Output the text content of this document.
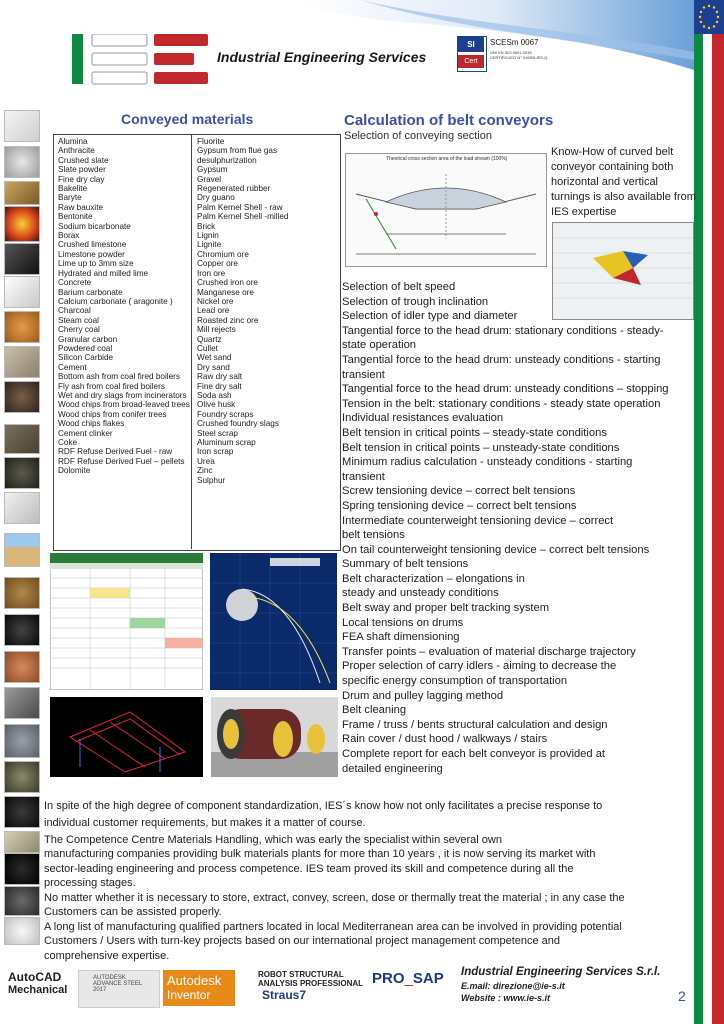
Industrial Engineering Services
SI
Cert
SCESm 0067
UNI EN ISO 9001:2015 CERTIFICATO N° 0169/0-IES-Q
Conveyed materials
Alumina
Anthracite
Crushed slate
Slate powder
Fine dry clay
Bakelite
Baryte
Raw bauxite
Bentonite
Sodium bicarbonate
Borax
Crushed limestone
Limestone powder
Lime up to 3mm size
Hydrated and milled lime
Concrete
Barium carbonate
Calcium carbonate ( aragonite )
Charcoal
Steam coal
Cherry coal
Granular carbon
Powdered coal
Silicon Carbide
Cement
Bottom ash from coal fired boilers
Fly ash from coal fired boilers
Wet and dry slags from incinerators
Wood chips from broad-leaved trees
Wood chips from conifer trees
Wood chips flakes
Cement clinker
Coke
RDF Refuse Derived Fuel - raw
RDF Refuse Derived Fuel – pellets
Dolomite
Fluorite
Gypsum from flue gas desulphurization
Gypsum
Gravel
Regenerated rubber
Dry guano
Palm Kernel Shell - raw
Palm Kernel Shell -milled
Brick
Lignin
Lignite
Chromium ore
Copper ore
Iron ore
Crushed iron ore
Manganese ore
Nickel ore
Lead ore
Roasted zinc ore
Mill rejects
Quartz
Cullet
Wet sand
Dry sand
Raw dry salt
Fine dry salt
Soda ash
Olive husk
Foundry scraps
Crushed foundry slags
Steel scrap
Aluminum scrap
Iron scrap
Urea
Zinc
Sulphur
Calculation of belt conveyors
Selection of conveying section
Theorical cross section area of the load stream (100%)
Know-How of curved belt conveyor containing both horizontal and vertical turnings is also available from IES expertise
Selection of belt speed
Selection of trough inclination
Selection of idler type and diameter
Tangential force to the head drum: stationary conditions - steady-
state operation
Tangential force to the head drum: unsteady conditions - starting
transient
Tangential force to the head drum: unsteady conditions – stopping
Tension in the belt: stationary conditions - steady state operation
Individual resistances evaluation
Belt tension in critical points – steady-state conditions
Belt tension in critical points – unsteady-state conditions
Minimum radius calculation - unsteady conditions - starting
transient
Screw tensioning device – correct belt tensions
Spring tensioning device – correct belt tensions
Intermediate counterweight tensioning device – correct
belt tensions
On tail counterweight tensioning device – correct belt tensions
Summary of belt tensions
Belt characterization – elongations in
steady and unsteady conditions
Belt sway and proper belt tracking system
Local tensions on drums
FEA shaft dimensioning
Transfer points – evaluation of material discharge trajectory
Proper selection of carry idlers - aiming to decrease the
specific energy consumption of transportation
Drum and pulley lagging method
Belt cleaning
Frame / truss / bents structural calculation and design
Rain cover / dust hood / walkways / stairs
Complete report for each belt conveyor is provided at
detailed engineering
In spite of the high degree of component standardization, IES´s know how not only facilitates a precise response to
individual customer requirements, but makes it a matter of course.
The Competence Centre Materials Handling, which was early the specialist within several own
manufacturing companies providing bulk materials plants for more than 10 years , it is now serving its market with
sector-leading engineering and process competence. IES team proved its skill and competence during all the
processing stages.
No matter whether it is necessary to store, extract, convey, screen, dose or thermally treat the material ; in any case the
Customers can be assisted properly.
A long list of manufacturing qualified partners located in local Mediterranean area can be involved in providing potential
Customers / Users with turn-key projects based on our international project management competence and
comprehensive expertise.
AutoCAD
Mechanical
AUTODESK
ADVANCE STEEL
2017
Autodesk
Inventor
ROBOT STRUCTURAL
ANALYSIS PROFESSIONAL
Straus7
PRO_SAP	Industrial Engineering Services S.r.l.
E.mail: direzione@ie-s.it
Website : www.ie-s.it	2
